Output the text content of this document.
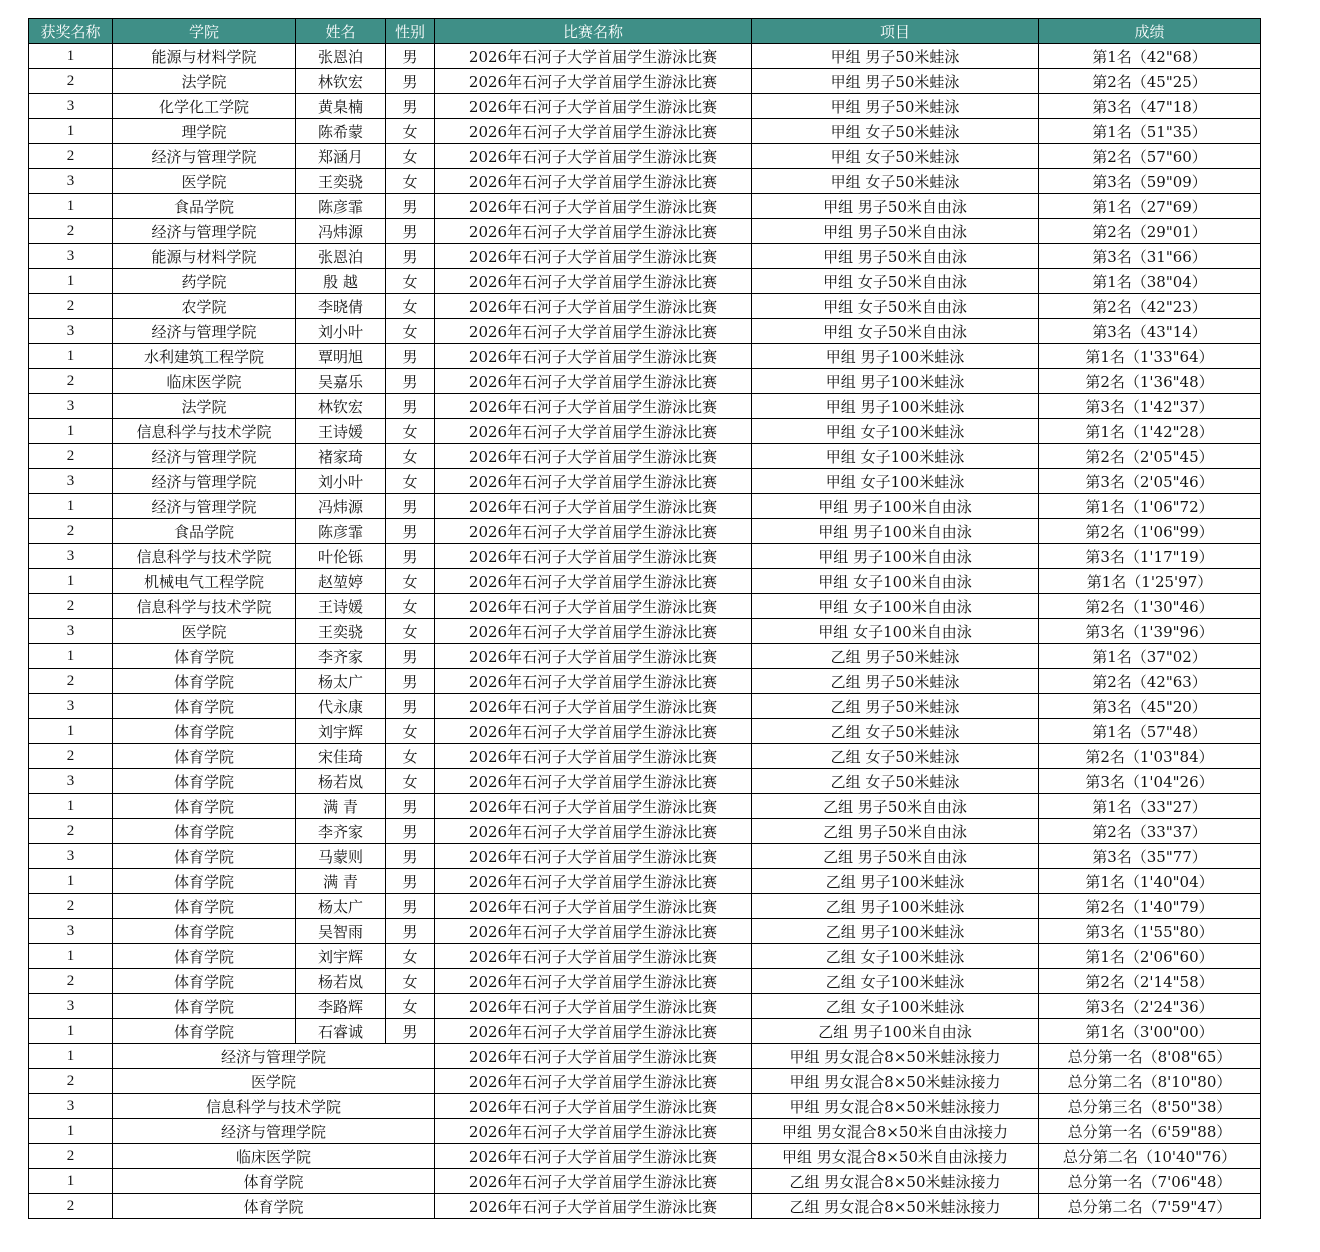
获奖名称	学院	姓名	性别	比赛名称	项目	成绩
1	能源与材料学院	张恩泊	男	2026年石河子大学首届学生游泳比赛	甲组 男子50米蛙泳	第1名（42"68）
2	法学院	林钦宏	男	2026年石河子大学首届学生游泳比赛	甲组 男子50米蛙泳	第2名（45"25）
3	化学化工学院	黄臬楠	男	2026年石河子大学首届学生游泳比赛	甲组 男子50米蛙泳	第3名（47"18）
1	理学院	陈希蒙	女	2026年石河子大学首届学生游泳比赛	甲组 女子50米蛙泳	第1名（51"35）
2	经济与管理学院	郑涵月	女	2026年石河子大学首届学生游泳比赛	甲组 女子50米蛙泳	第2名（57"60）
3	医学院	王奕骁	女	2026年石河子大学首届学生游泳比赛	甲组 女子50米蛙泳	第3名（59"09）
1	食品学院	陈彦霏	男	2026年石河子大学首届学生游泳比赛	甲组 男子50米自由泳	第1名（27"69）
2	经济与管理学院	冯炜源	男	2026年石河子大学首届学生游泳比赛	甲组 男子50米自由泳	第2名（29"01）
3	能源与材料学院	张恩泊	男	2026年石河子大学首届学生游泳比赛	甲组 男子50米自由泳	第3名（31"66）
1	药学院	殷 越	女	2026年石河子大学首届学生游泳比赛	甲组 女子50米自由泳	第1名（38"04）
2	农学院	李晓倩	女	2026年石河子大学首届学生游泳比赛	甲组 女子50米自由泳	第2名（42"23）
3	经济与管理学院	刘小叶	女	2026年石河子大学首届学生游泳比赛	甲组 女子50米自由泳	第3名（43"14）
1	水利建筑工程学院	覃明旭	男	2026年石河子大学首届学生游泳比赛	甲组 男子100米蛙泳	第1名（1'33"64）
2	临床医学院	吴嘉乐	男	2026年石河子大学首届学生游泳比赛	甲组 男子100米蛙泳	第2名（1'36"48）
3	法学院	林钦宏	男	2026年石河子大学首届学生游泳比赛	甲组 男子100米蛙泳	第3名（1'42"37）
1	信息科学与技术学院	王诗媛	女	2026年石河子大学首届学生游泳比赛	甲组 女子100米蛙泳	第1名（1'42"28）
2	经济与管理学院	褚家琦	女	2026年石河子大学首届学生游泳比赛	甲组 女子100米蛙泳	第2名（2'05"45）
3	经济与管理学院	刘小叶	女	2026年石河子大学首届学生游泳比赛	甲组 女子100米蛙泳	第3名（2'05"46）
1	经济与管理学院	冯炜源	男	2026年石河子大学首届学生游泳比赛	甲组 男子100米自由泳	第1名（1'06"72）
2	食品学院	陈彦霏	男	2026年石河子大学首届学生游泳比赛	甲组 男子100米自由泳	第2名（1'06"99）
3	信息科学与技术学院	叶伦铄	男	2026年石河子大学首届学生游泳比赛	甲组 男子100米自由泳	第3名（1'17"19）
1	机械电气工程学院	赵堃婷	女	2026年石河子大学首届学生游泳比赛	甲组 女子100米自由泳	第1名（1'25'97）
2	信息科学与技术学院	王诗媛	女	2026年石河子大学首届学生游泳比赛	甲组 女子100米自由泳	第2名（1'30"46）
3	医学院	王奕骁	女	2026年石河子大学首届学生游泳比赛	甲组 女子100米自由泳	第3名（1'39"96）
1	体育学院	李齐家	男	2026年石河子大学首届学生游泳比赛	乙组 男子50米蛙泳	第1名（37"02）
2	体育学院	杨太广	男	2026年石河子大学首届学生游泳比赛	乙组 男子50米蛙泳	第2名（42"63）
3	体育学院	代永康	男	2026年石河子大学首届学生游泳比赛	乙组 男子50米蛙泳	第3名（45"20）
1	体育学院	刘宇辉	女	2026年石河子大学首届学生游泳比赛	乙组 女子50米蛙泳	第1名（57"48）
2	体育学院	宋佳琦	女	2026年石河子大学首届学生游泳比赛	乙组 女子50米蛙泳	第2名（1'03"84）
3	体育学院	杨若岚	女	2026年石河子大学首届学生游泳比赛	乙组 女子50米蛙泳	第3名（1'04"26）
1	体育学院	满 青	男	2026年石河子大学首届学生游泳比赛	乙组 男子50米自由泳	第1名（33"27）
2	体育学院	李齐家	男	2026年石河子大学首届学生游泳比赛	乙组 男子50米自由泳	第2名（33"37）
3	体育学院	马蒙则	男	2026年石河子大学首届学生游泳比赛	乙组 男子50米自由泳	第3名（35"77）
1	体育学院	满 青	男	2026年石河子大学首届学生游泳比赛	乙组 男子100米蛙泳	第1名（1'40"04）
2	体育学院	杨太广	男	2026年石河子大学首届学生游泳比赛	乙组 男子100米蛙泳	第2名（1'40"79）
3	体育学院	吴智雨	男	2026年石河子大学首届学生游泳比赛	乙组 男子100米蛙泳	第3名（1'55"80）
1	体育学院	刘宇辉	女	2026年石河子大学首届学生游泳比赛	乙组 女子100米蛙泳	第1名（2'06"60）
2	体育学院	杨若岚	女	2026年石河子大学首届学生游泳比赛	乙组 女子100米蛙泳	第2名（2'14"58）
3	体育学院	李路辉	女	2026年石河子大学首届学生游泳比赛	乙组 女子100米蛙泳	第3名（2'24"36）
1	体育学院	石睿诚	男	2026年石河子大学首届学生游泳比赛	乙组 男子100米自由泳	第1名（3'00"00）
1	经济与管理学院			2026年石河子大学首届学生游泳比赛	甲组 男女混合8×50米蛙泳接力	总分第一名（8'08"65）
2	医学院			2026年石河子大学首届学生游泳比赛	甲组 男女混合8×50米蛙泳接力	总分第二名（8'10"80）
3	信息科学与技术学院			2026年石河子大学首届学生游泳比赛	甲组 男女混合8×50米蛙泳接力	总分第三名（8'50"38）
1	经济与管理学院			2026年石河子大学首届学生游泳比赛	甲组 男女混合8×50米自由泳接力	总分第一名（6'59"88）
2	临床医学院			2026年石河子大学首届学生游泳比赛	甲组 男女混合8×50米自由泳接力	总分第二名（10'40"76）
1	体育学院			2026年石河子大学首届学生游泳比赛	乙组 男女混合8×50米蛙泳接力	总分第一名（7'06"48）
2	体育学院			2026年石河子大学首届学生游泳比赛	乙组 男女混合8×50米蛙泳接力	总分第二名（7'59"47）
